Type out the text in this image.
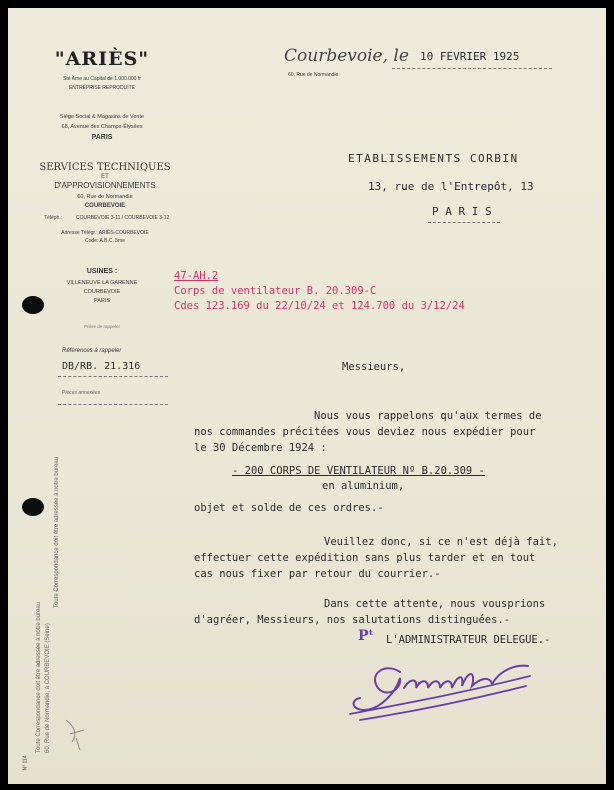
"ARIÈS"
Sté Ame au Capital de 1.000.000 fr
ENTREPRISE REPRODUITE
Siège Social & Magasins de Vente
68, Avenue des Champs-Élysées
PARIS
SERVICES TECHNIQUES
ET
D'APPROVISIONNEMENTS
60, Rue de Normandie
COURBEVOIE
Téléph.:	COURBEVOIE 3-11 / COURBEVOIE 3-12
Adresse Télégr.: ARIÈS-COURBEVOIE
Code: A.B.C. 5me
USINES :
VILLENEUVE LA GARENNE
COURBEVOIE
PARIS
Prière de rappeler
Références à rappeler
DB/RB. 21.316
Pièces annexées
Toute Correspondance doit être adressée à notre bureau 60, Rue de Normandie, à COURBEVOIE (Seine)
Toute Correspondance doit être adressée à notre bureau
N° 114
Courbevoie, le 10 FEVRIER 1925
60, Rue de Normandie
ETABLISSEMENTS CORBIN
13, rue de l'Entrepôt, 13
P A R I S
47-AH.2
Corps de ventilateur B. 20.309-C
Cdes 123.169 du 22/10/24 et 124.700 du 3/12/24
Messieurs,
Nous vous rappelons qu'aux termes de
nos commandes précitées vous deviez nous expédier pour
le 30 Décembre 1924 :
- 200 CORPS DE VENTILATEUR Nº B.20.309 -
en aluminium,
objet et solde de ces ordres.-
Veuillez donc, si ce n'est déjà fait,
effectuer cette expédition sans plus tarder et en tout
cas nous fixer par retour du courrier.-
Dans cette attente, nous vousprions
d'agréer, Messieurs, nos salutations distinguées.-
Pᵗ L'ADMINISTRATEUR DELEGUE.-
